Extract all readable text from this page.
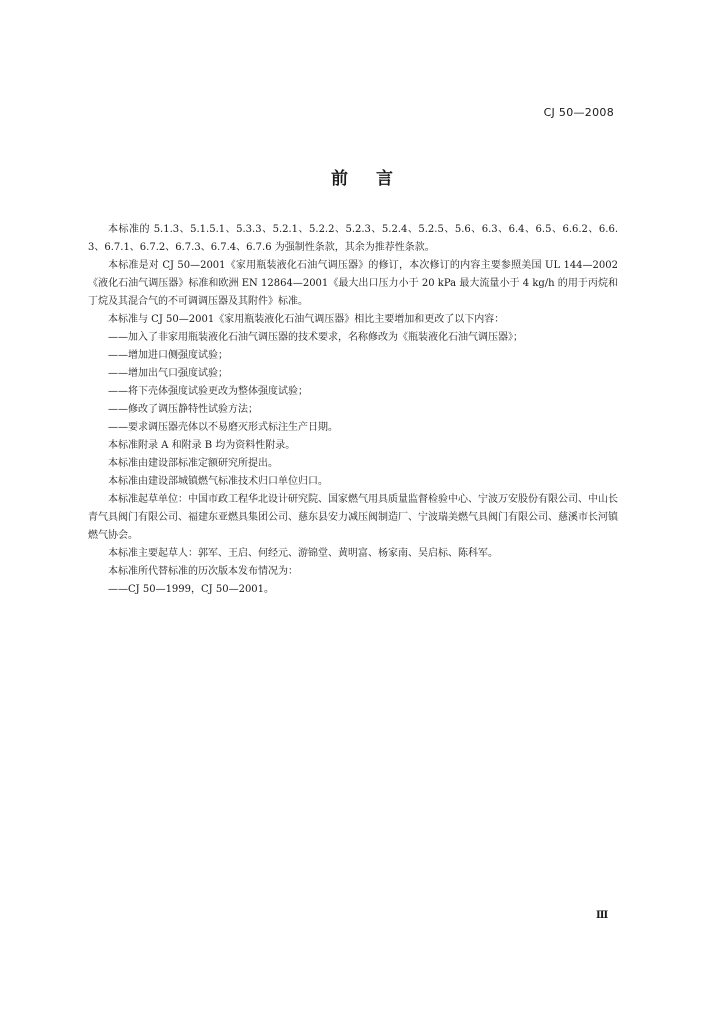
CJ 50—2008
前言

本标准的 5.1.3、5.1.5.1、5.3.3、5.2.1、5.2.2、5.2.3、5.2.4、5.2.5、5.6、6.3、6.4、6.5、6.6.2、6.6.3、6.7.1、6.7.2、6.7.3、6.7.4、6.7.6 为强制性条款，其余为推荐性条款。

本标准是对 CJ 50—2001《家用瓶装液化石油气调压器》的修订，本次修订的内容主要参照美国 UL 144—2002《液化石油气调压器》标准和欧洲 EN 12864—2001《最大出口压力小于 20 kPa 最大流量小于 4 kg/h 的用于丙烷和丁烷及其混合气的不可调调压器及其附件》标准。

本标准与 CJ 50—2001《家用瓶装液化石油气调压器》相比主要增加和更改了以下内容：

——加入了非家用瓶装液化石油气调压器的技术要求，名称修改为《瓶装液化石油气调压器》；

——增加进口侧强度试验；

——增加出气口强度试验；

——将下壳体强度试验更改为整体强度试验；

——修改了调压静特性试验方法；

——要求调压器壳体以不易磨灭形式标注生产日期。

本标准附录 A 和附录 B 均为资料性附录。

本标准由建设部标准定额研究所提出。

本标准由建设部城镇燃气标准技术归口单位归口。

本标准起草单位：中国市政工程华北设计研究院、国家燃气用具质量监督检验中心、宁波万安股份有限公司、中山长青气具阀门有限公司、福建东亚燃具集团公司、慈东县安力减压阀制造厂、宁波瑞美燃气具阀门有限公司、慈溪市长河镇燃气协会。

本标准主要起草人：郭军、王启、何经元、游锦堂、黄明富、杨家南、吴启标、陈科军。

本标准所代替标准的历次版本发布情况为：

——CJ 50—1999，CJ 50—2001。

Ⅲ
